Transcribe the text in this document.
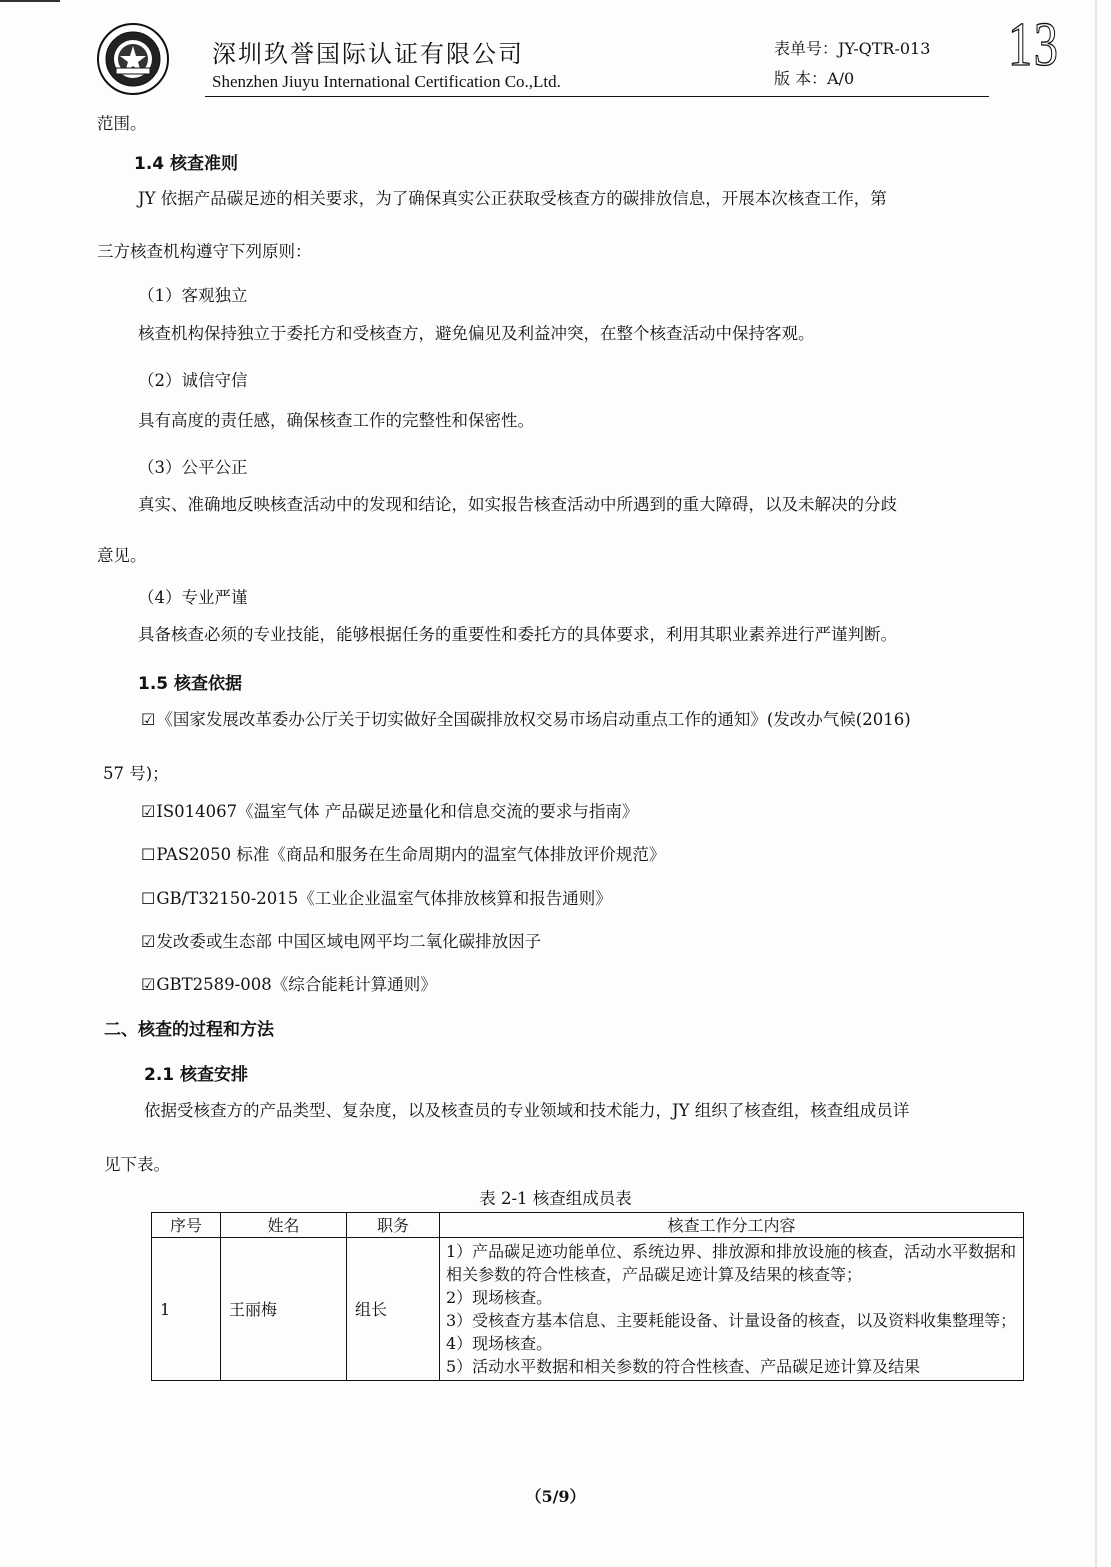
深圳玖誉国际认证有限公司
Shenzhen Jiuyu International Certification Co.,Ltd.
表单号：JY-QTR-013
版 本：A/0 13
范围。
1.4 核查准则
JY 依据产品碳足迹的相关要求，为了确保真实公正获取受核查方的碳排放信息，开展本次核查工作，第
三方核查机构遵守下列原则：
（1）客观独立
核查机构保持独立于委托方和受核查方，避免偏见及利益冲突，在整个核查活动中保持客观。
（2）诚信守信
具有高度的责任感，确保核查工作的完整性和保密性。
（3）公平公正
真实、准确地反映核查活动中的发现和结论，如实报告核查活动中所遇到的重大障碍，以及未解决的分歧
意见。
（4）专业严谨
具备核查必须的专业技能，能够根据任务的重要性和委托方的具体要求，利用其职业素养进行严谨判断。
1.5 核查依据
☑《国家发展改革委办公厅关于切实做好全国碳排放权交易市场启动重点工作的通知》(发改办气候(2016)
57 号)；
☑IS014067《温室气体 产品碳足迹量化和信息交流的要求与指南》
☐PAS2050 标准《商品和服务在生命周期内的温室气体排放评价规范》
☐GB/T32150-2015《工业企业温室气体排放核算和报告通则》
☑发改委或生态部 中国区域电网平均二氧化碳排放因子
☑GBT2589-008《综合能耗计算通则》
二、核查的过程和方法
2.1 核查安排
依据受核查方的产品类型、复杂度，以及核查员的专业领域和技术能力，JY 组织了核查组，核查组成员详
见下表。
表 2-1 核查组成员表
序号	姓名	职务	核查工作分工内容
1	王丽梅	组长	1）产品碳足迹功能单位、系统边界、排放源和排放设施的核查，活动水平数据和相关参数的符合性核查，产品碳足迹计算及结果的核查等；
2）现场核查。
3）受核查方基本信息、主要耗能设备、计量设备的核查，以及资料收集整理等；
4）现场核查。
5）活动水平数据和相关参数的符合性核查、产品碳足迹计算及结果
（5/9）
